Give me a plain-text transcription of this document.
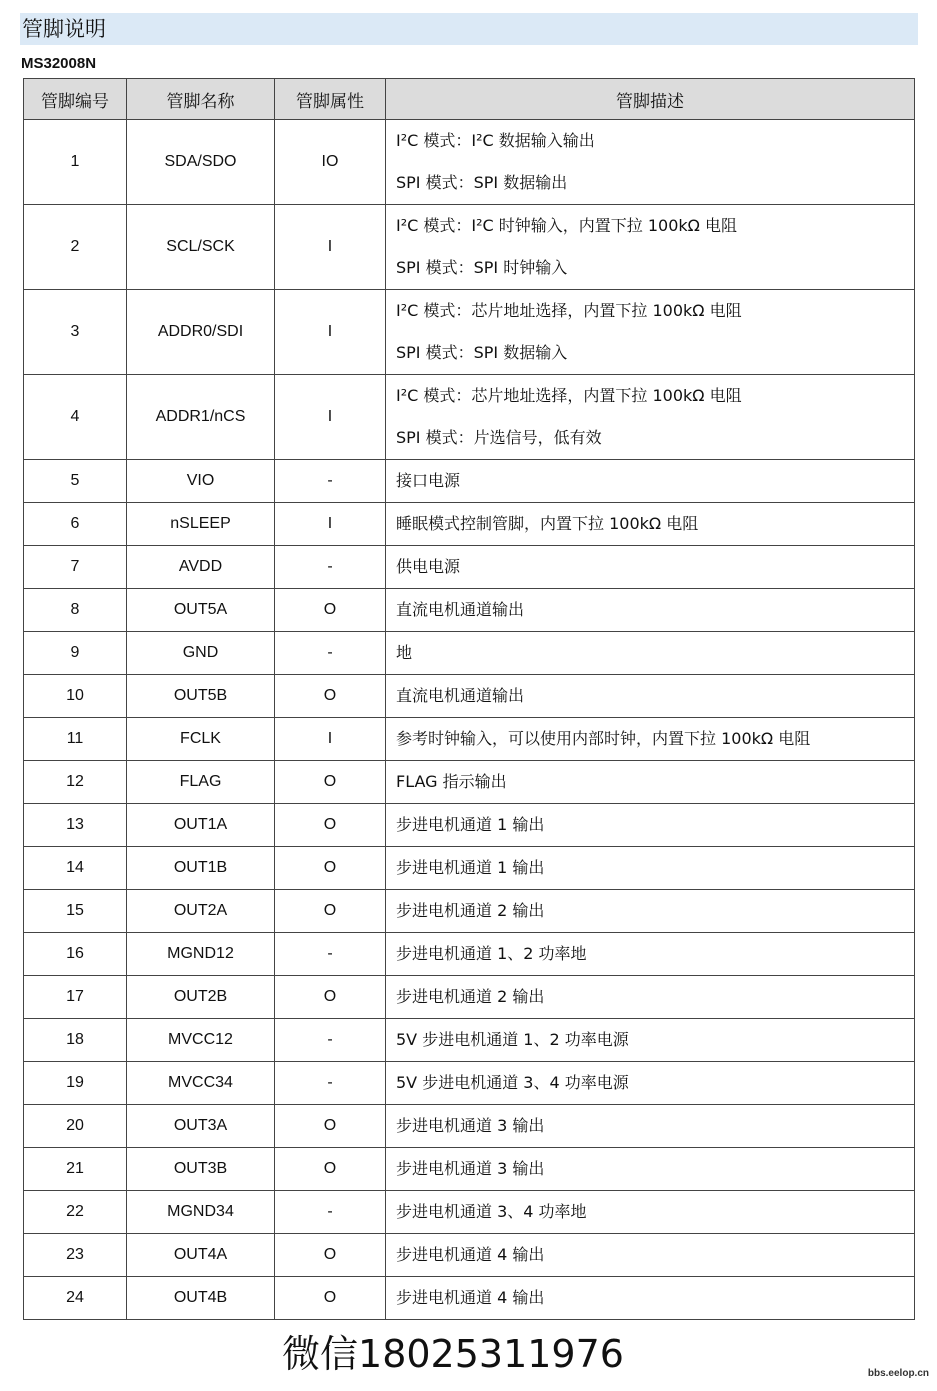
管脚说明
MS32008N
管脚编号	管脚名称	管脚属性	管脚描述
1	SDA/SDO	IO	I²C 模式：I²C 数据输入输出
SPI 模式：SPI 数据输出

2	SCL/SCK	I	I²C 模式：I²C 时钟输入，内置下拉 100kΩ 电阻
SPI 模式：SPI 时钟输入

3	ADDR0/SDI	I	I²C 模式：芯片地址选择，内置下拉 100kΩ 电阻
SPI 模式：SPI 数据输入

4	ADDR1/nCS	I	I²C 模式：芯片地址选择，内置下拉 100kΩ 电阻
SPI 模式：片选信号，低有效

5	VIO	-	接口电源

6	nSLEEP	I	睡眠模式控制管脚，内置下拉 100kΩ 电阻

7	AVDD	-	供电电源

8	OUT5A	O	直流电机通道输出

9	GND	-	地

10	OUT5B	O	直流电机通道输出

11	FCLK	I	参考时钟输入，可以使用内部时钟，内置下拉 100kΩ 电阻

12	FLAG	O	FLAG 指示输出

13	OUT1A	O	步进电机通道 1 输出

14	OUT1B	O	步进电机通道 1 输出

15	OUT2A	O	步进电机通道 2 输出

16	MGND12	-	步进电机通道 1、2 功率地

17	OUT2B	O	步进电机通道 2 输出

18	MVCC12	-	5V 步进电机通道 1、2 功率电源

19	MVCC34	-	5V 步进电机通道 3、4 功率电源

20	OUT3A	O	步进电机通道 3 输出

21	OUT3B	O	步进电机通道 3 输出

22	MGND34	-	步进电机通道 3、4 功率地

23	OUT4A	O	步进电机通道 4 输出

24	OUT4B	O	步进电机通道 4 输出
微信18025311976	bbs.eelop.cn
